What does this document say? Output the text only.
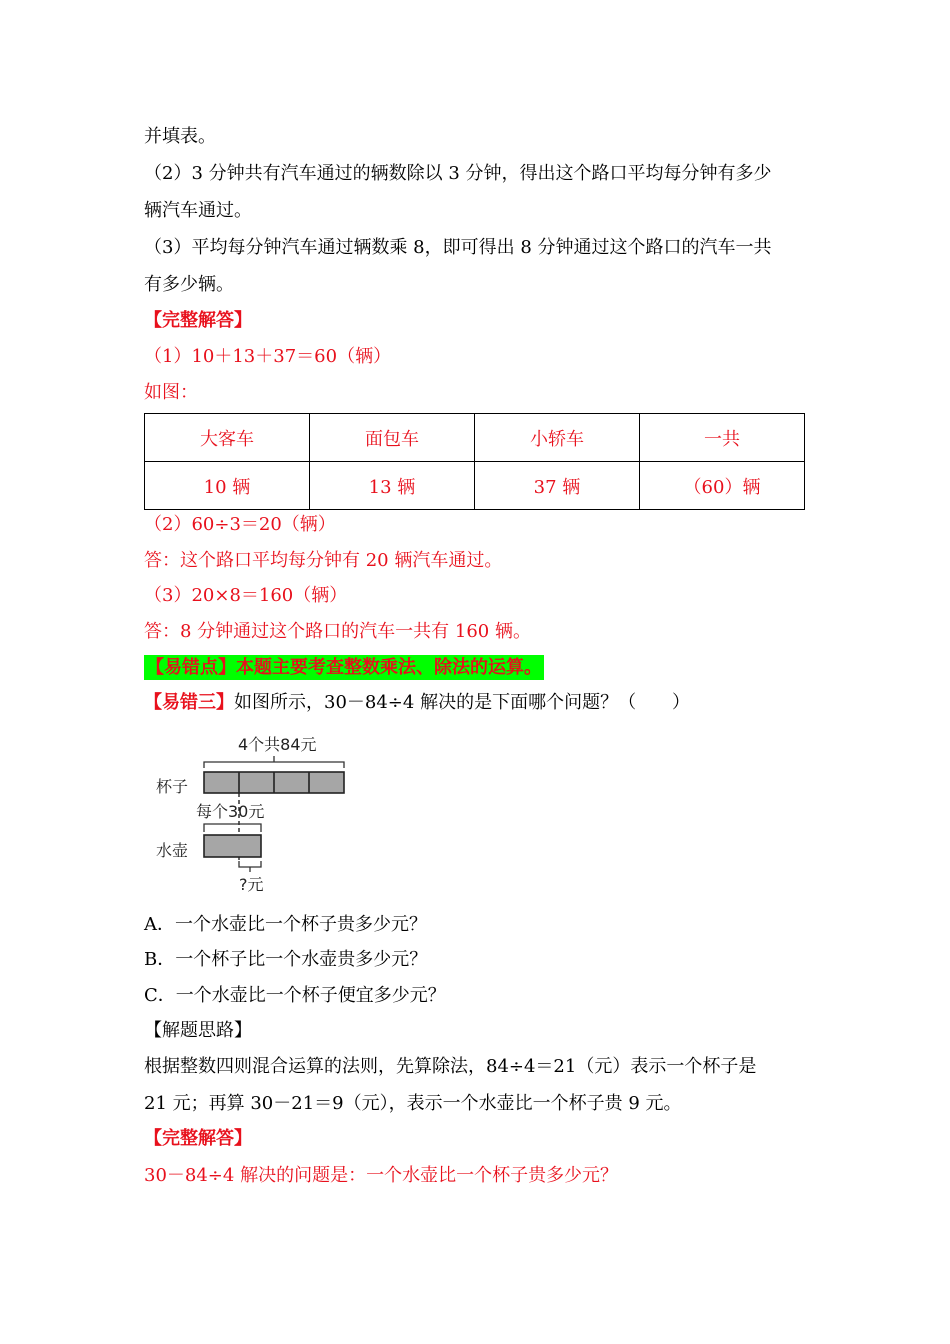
并填表。
（2）3 分钟共有汽车通过的辆数除以 3 分钟，得出这个路口平均每分钟有多少
辆汽车通过。
（3）平均每分钟汽车通过辆数乘 8，即可得出 8 分钟通过这个路口的汽车一共
有多少辆。
【完整解答】
（1）10＋13＋37＝60（辆）
如图：
大客车	面包车	小轿车	一共
10 辆	13 辆	37 辆	（60）辆
（2）60÷3＝20（辆）
答：这个路口平均每分钟有 20 辆汽车通过。
（3）20×8＝160（辆）
答：8 分钟通过这个路口的汽车一共有 160 辆。
【易错点】本题主要考查整数乘法、除法的运算。
【易错三】如图所示，30－84÷4 解决的是下面哪个问题？（　　）
4个共84元
杯子
每个30元
水壶
?元
A．一个水壶比一个杯子贵多少元？
B．一个杯子比一个水壶贵多少元？
C．一个水壶比一个杯子便宜多少元？
【解题思路】
根据整数四则混合运算的法则，先算除法，84÷4＝21（元）表示一个杯子是
21 元；再算 30－21＝9（元），表示一个水壶比一个杯子贵 9 元。
【完整解答】
30－84÷4 解决的问题是：一个水壶比一个杯子贵多少元？
